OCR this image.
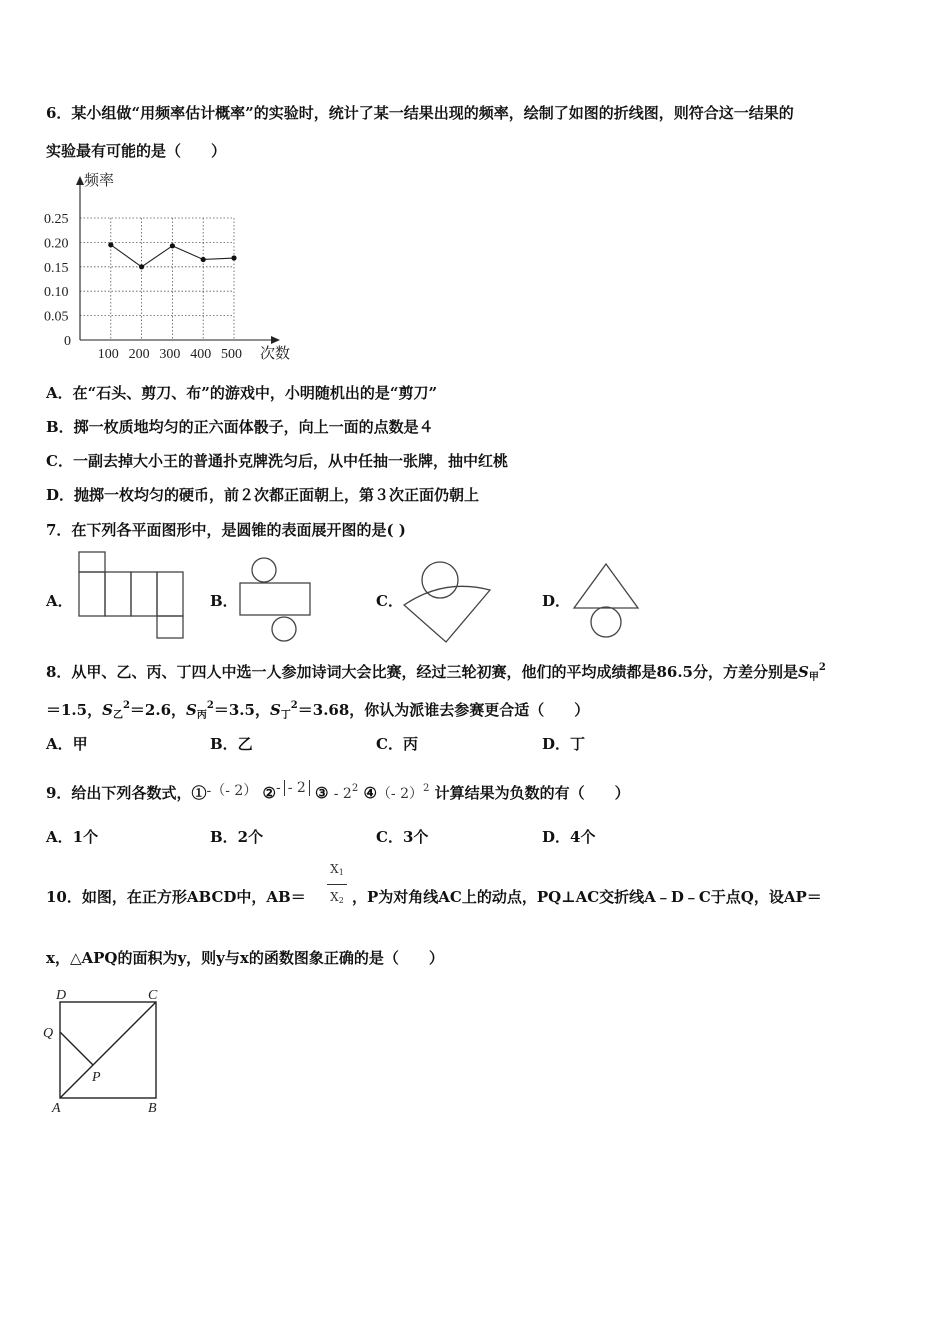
6．某小组做“用频率估计概率”的实验时，统计了某一结果出现的频率，绘制了如图的折线图，则符合这一结果的
实验最有可能的是（　　）
0.25
0.20
0.15
0.10
0.05
0
100 200 300 400 500
频率
次数
A．在“石头、剪刀、布”的游戏中，小明随机出的是“剪刀”
B．掷一枚质地均匀的正六面体骰子，向上一面的点数是４
C．一副去掉大小王的普通扑克牌洗匀后，从中任抽一张牌，抽中红桃
D．抛掷一枚均匀的硬币，前２次都正面朝上，第３次正面仍朝上
7．在下列各平面图形中，是圆锥的表面展开图的是( )
A．	B．	C．	D．
8．从甲、乙、丙、丁四人中选一人参加诗词大会比赛，经过三轮初赛，他们的平均成绩都是86.5分，方差分别是$S_甲^2$
＝1.5，$S_乙^2=2.6$，$S_丙^2=3.5$，$S_丁^2=3.68$，你认为派谁去参赛更合适（　　）
A．甲	B．乙	C．丙	D．丁
9．给出下列各数式，①-（- 2） ②- - 2 ③ - $2^2$ ④（- 2）$^2$ 计算结果为负数的有（　　）
A．1个	B．2个	C．3个	D．4个
10．如图，在正方形ABCD中，AB＝
X1
X2 ，P为对角线AC上的动点，PQ⊥AC交折线A﹣D﹣C于点Q，设AP＝
x，△APQ的面积为y，则y与x的函数图象正确的是（　　）
D	C
Q
P
A	B
